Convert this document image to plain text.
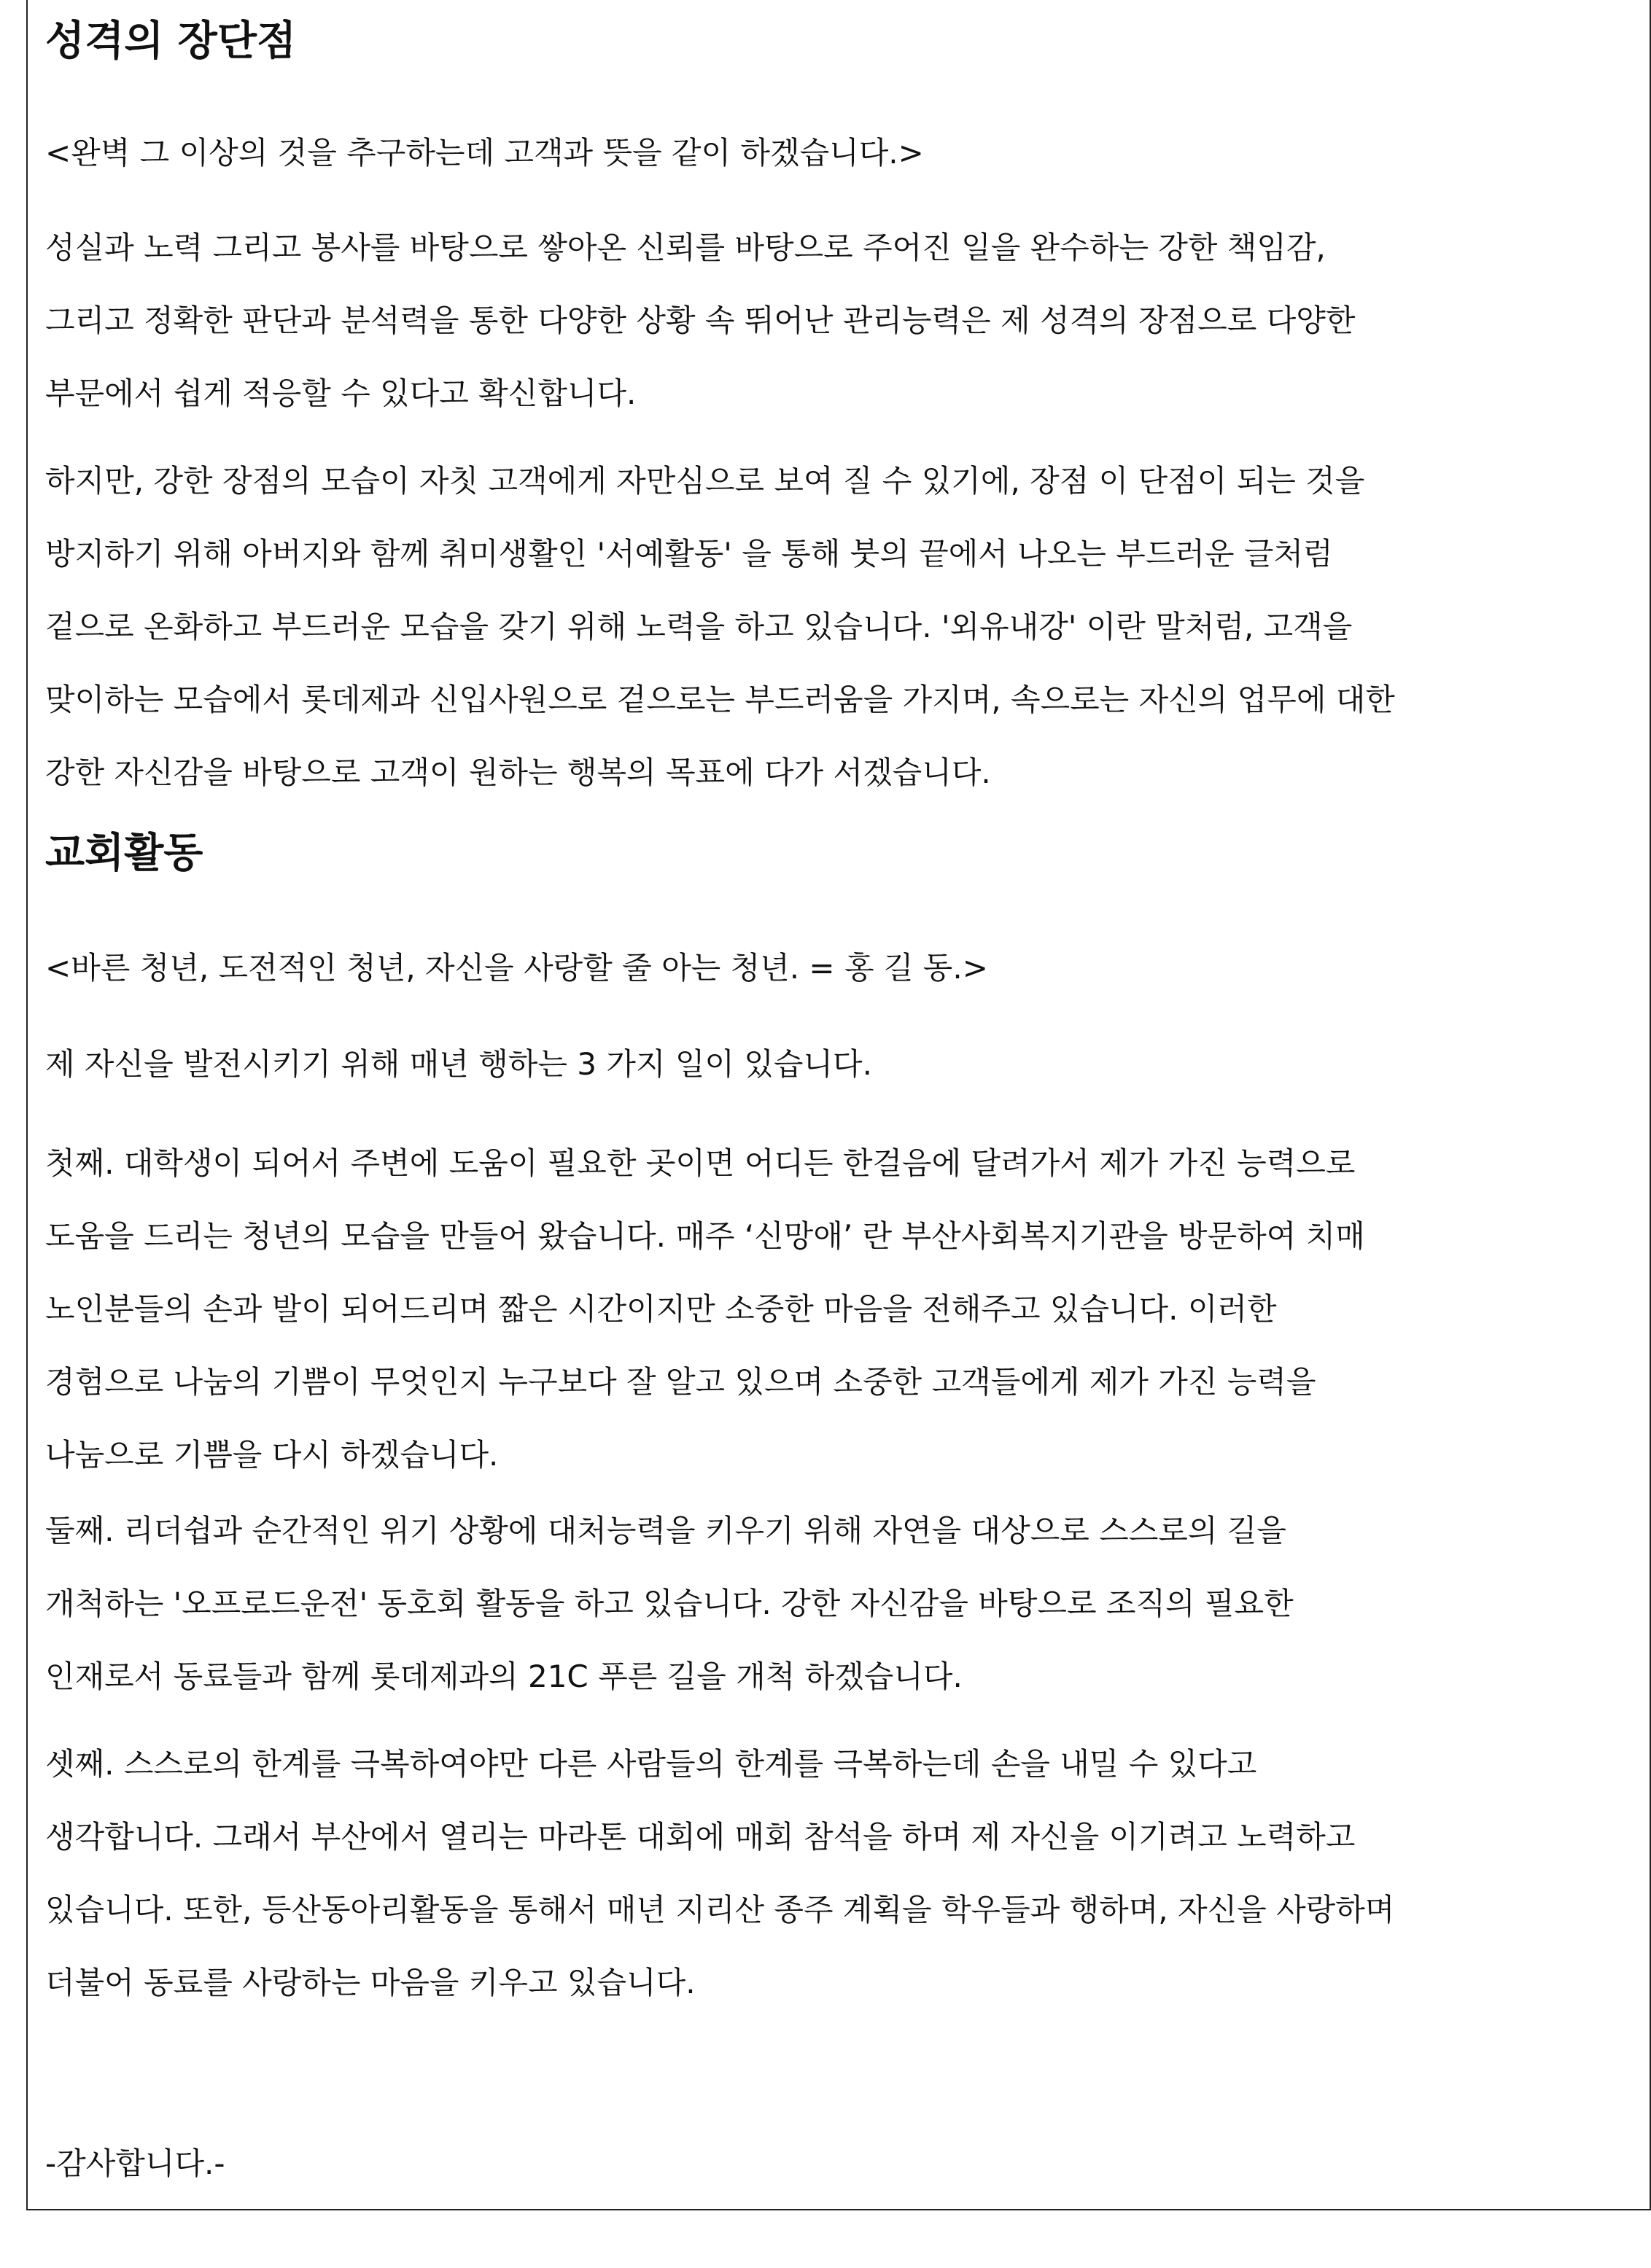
성격의 장단점

<완벽 그 이상의 것을 추구하는데 고객과 뜻을 같이 하겠습니다.>

성실과 노력 그리고 봉사를 바탕으로 쌓아온 신뢰를 바탕으로 주어진 일을 완수하는 강한 책임감,
그리고 정확한 판단과 분석력을 통한 다양한 상황 속 뛰어난 관리능력은 제 성격의 장점으로 다양한
부문에서 쉽게 적응할 수 있다고 확신합니다.

하지만, 강한 장점의 모습이 자칫 고객에게 자만심으로 보여 질 수 있기에, 장점 이 단점이 되는 것을
방지하기 위해 아버지와 함께 취미생활인 '서예활동' 을 통해 붓의 끝에서 나오는 부드러운 글처럼
겉으로 온화하고 부드러운 모습을 갖기 위해 노력을 하고 있습니다. '외유내강' 이란 말처럼, 고객을
맞이하는 모습에서 롯데제과 신입사원으로 겉으로는 부드러움을 가지며, 속으로는 자신의 업무에 대한
강한 자신감을 바탕으로 고객이 원하는 행복의 목표에 다가 서겠습니다.

교회활동

<바른 청년, 도전적인 청년, 자신을 사랑할 줄 아는 청년. = 홍 길 동.>

제 자신을 발전시키기 위해 매년 행하는 3 가지 일이 있습니다.

첫째. 대학생이 되어서 주변에 도움이 필요한 곳이면 어디든 한걸음에 달려가서 제가 가진 능력으로
도움을 드리는 청년의 모습을 만들어 왔습니다. 매주 ‘신망애’ 란 부산사회복지기관을 방문하여 치매
노인분들의 손과 발이 되어드리며 짧은 시간이지만 소중한 마음을 전해주고 있습니다. 이러한
경험으로 나눔의 기쁨이 무엇인지 누구보다 잘 알고 있으며 소중한 고객들에게 제가 가진 능력을
나눔으로 기쁨을 다시 하겠습니다.

둘째. 리더쉽과 순간적인 위기 상황에 대처능력을 키우기 위해 자연을 대상으로 스스로의 길을
개척하는 '오프로드운전' 동호회 활동을 하고 있습니다. 강한 자신감을 바탕으로 조직의 필요한
인재로서 동료들과 함께 롯데제과의 21C 푸른 길을 개척 하겠습니다.

셋째. 스스로의 한계를 극복하여야만 다른 사람들의 한계를 극복하는데 손을 내밀 수 있다고
생각합니다. 그래서 부산에서 열리는 마라톤 대회에 매회 참석을 하며 제 자신을 이기려고 노력하고
있습니다. 또한, 등산동아리활동을 통해서 매년 지리산 종주 계획을 학우들과 행하며, 자신을 사랑하며
더불어 동료를 사랑하는 마음을 키우고 있습니다.

-감사합니다.-
